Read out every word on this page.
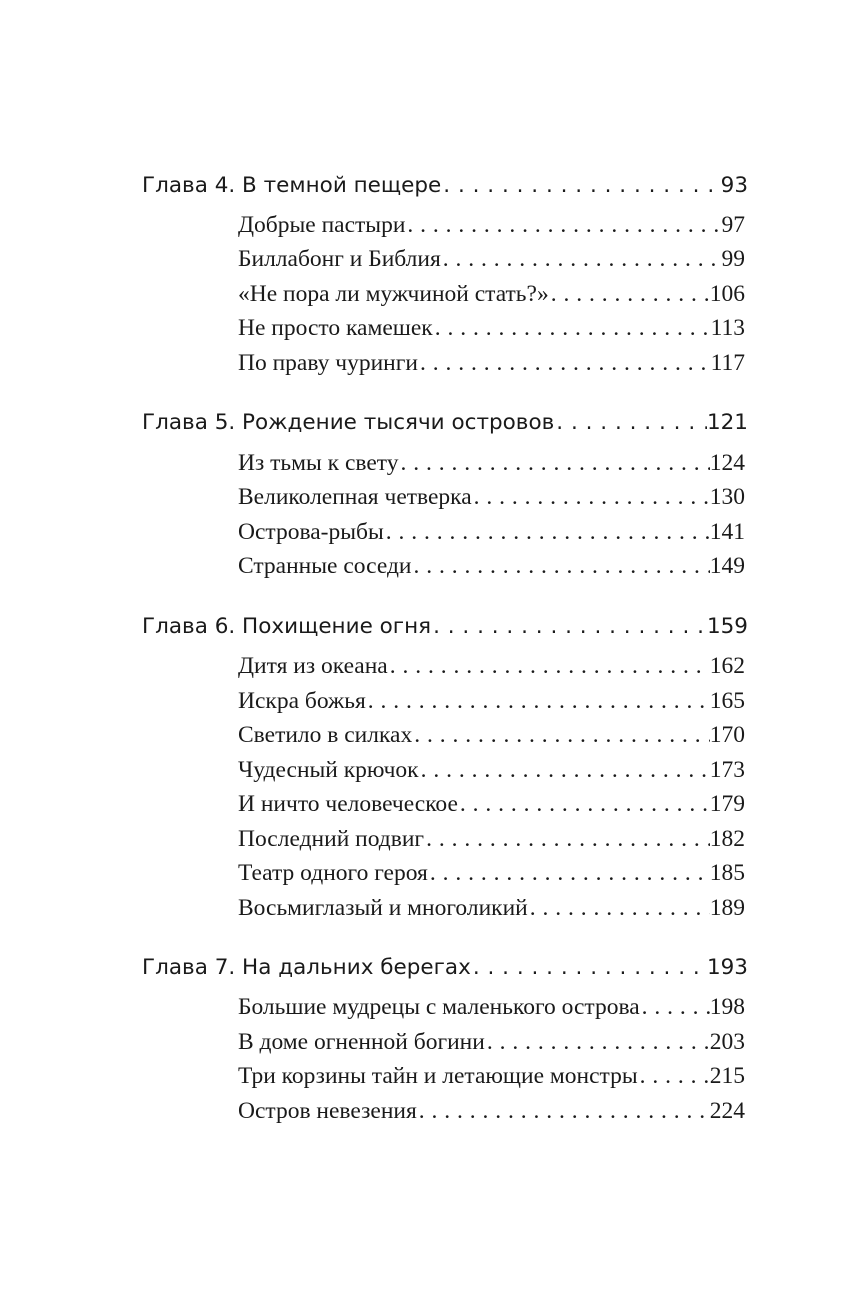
Глава 4. В темной пещере . . .	93
Добрые пастыри . . .	97
Биллабонг и Библия . . .	99
«Не пора ли мужчиной стать?» . . .	106
Не просто камешек . . .	113
По праву чуринги . . .	117
Глава 5. Рождение тысячи островов . . .	121
Из тьмы к свету . . .	124
Великолепная четверка . . .	130
Острова-рыбы . . .	141
Странные соседи . . .	149
Глава 6. Похищение огня . . .	159
Дитя из океана . . .	162
Искра божья . . .	165
Светило в силках . . .	170
Чудесный крючок . . .	173
И ничто человеческое . . .	179
Последний подвиг . . .	182
Театр одного героя . . .	185
Восьмиглазый и многоликий . . .	189
Глава 7. На дальних берегах . . .	193
Большие мудрецы с маленького острова . . .	198
В доме огненной богини . . .	203
Три корзины тайн и летающие монстры . . .	215
Остров невезения . . .	224
